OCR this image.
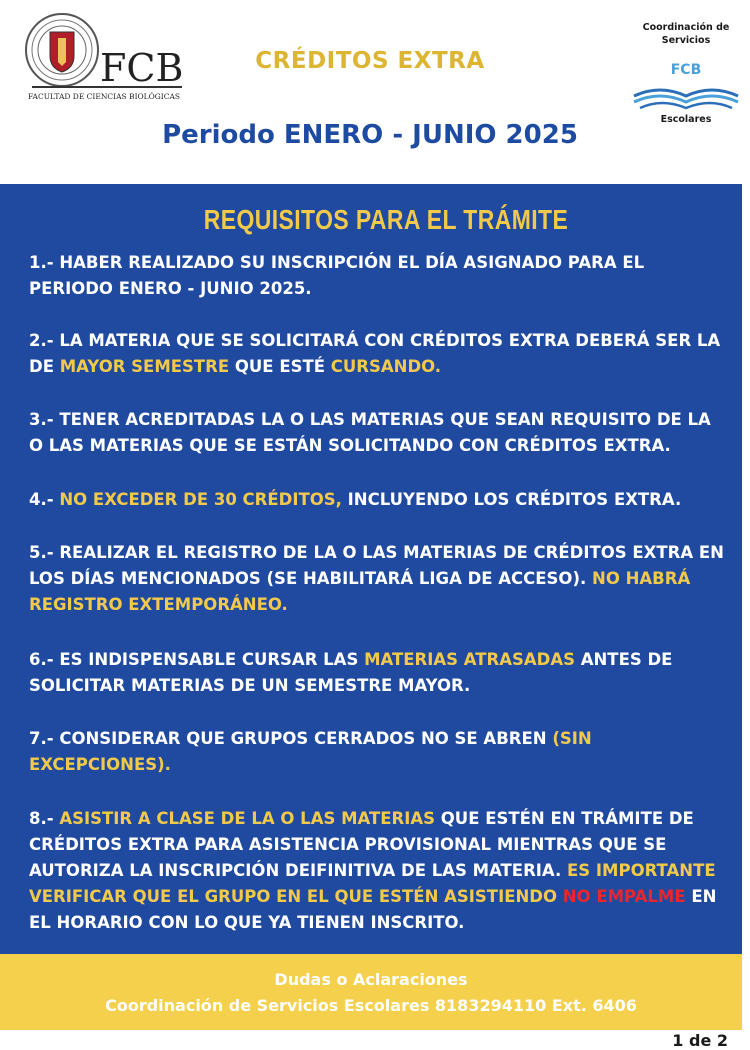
FCB
FACULTAD DE CIENCIAS BIOLÓGICAS
CRÉDITOS EXTRA
Periodo ENERO - JUNIO 2025
Coordinación de
Servicios
FCB
Escolares
REQUISITOS PARA EL TRÁMITE

1.- HABER REALIZADO SU INSCRIPCIÓN EL DÍA ASIGNADO PARA EL PERIODO ENERO - JUNIO 2025.

2.- LA MATERIA QUE SE SOLICITARÁ CON CRÉDITOS EXTRA DEBERÁ SER LA DE MAYOR SEMESTRE QUE ESTÉ CURSANDO.

3.- TENER ACREDITADAS LA O LAS MATERIAS QUE SEAN REQUISITO DE LA O LAS MATERIAS QUE SE ESTÁN SOLICITANDO CON CRÉDITOS EXTRA.

4.- NO EXCEDER DE 30 CRÉDITOS, INCLUYENDO LOS CRÉDITOS EXTRA.

5.- REALIZAR EL REGISTRO DE LA O LAS MATERIAS DE CRÉDITOS EXTRA EN LOS DÍAS MENCIONADOS (SE HABILITARÁ LIGA DE ACCESO). NO HABRÁ REGISTRO EXTEMPORÁNEO.

6.- ES INDISPENSABLE CURSAR LAS MATERIAS ATRASADAS ANTES DE SOLICITAR MATERIAS DE UN SEMESTRE MAYOR.

7.- CONSIDERAR QUE GRUPOS CERRADOS NO SE ABREN (SIN EXCEPCIONES).

8.- ASISTIR A CLASE DE LA O LAS MATERIAS QUE ESTÉN EN TRÁMITE DE CRÉDITOS EXTRA PARA ASISTENCIA PROVISIONAL MIENTRAS QUE SE AUTORIZA LA INSCRIPCIÓN DEIFINITIVA DE LAS MATERIA. ES IMPORTANTE VERIFICAR QUE EL GRUPO EN EL QUE ESTÉN ASISTIENDO NO EMPALME EN EL HORARIO CON LO QUE YA TIENEN INSCRITO.

Dudas o Aclaraciones
Coordinación de Servicios Escolares 8183294110 Ext. 6406
1 de 2
